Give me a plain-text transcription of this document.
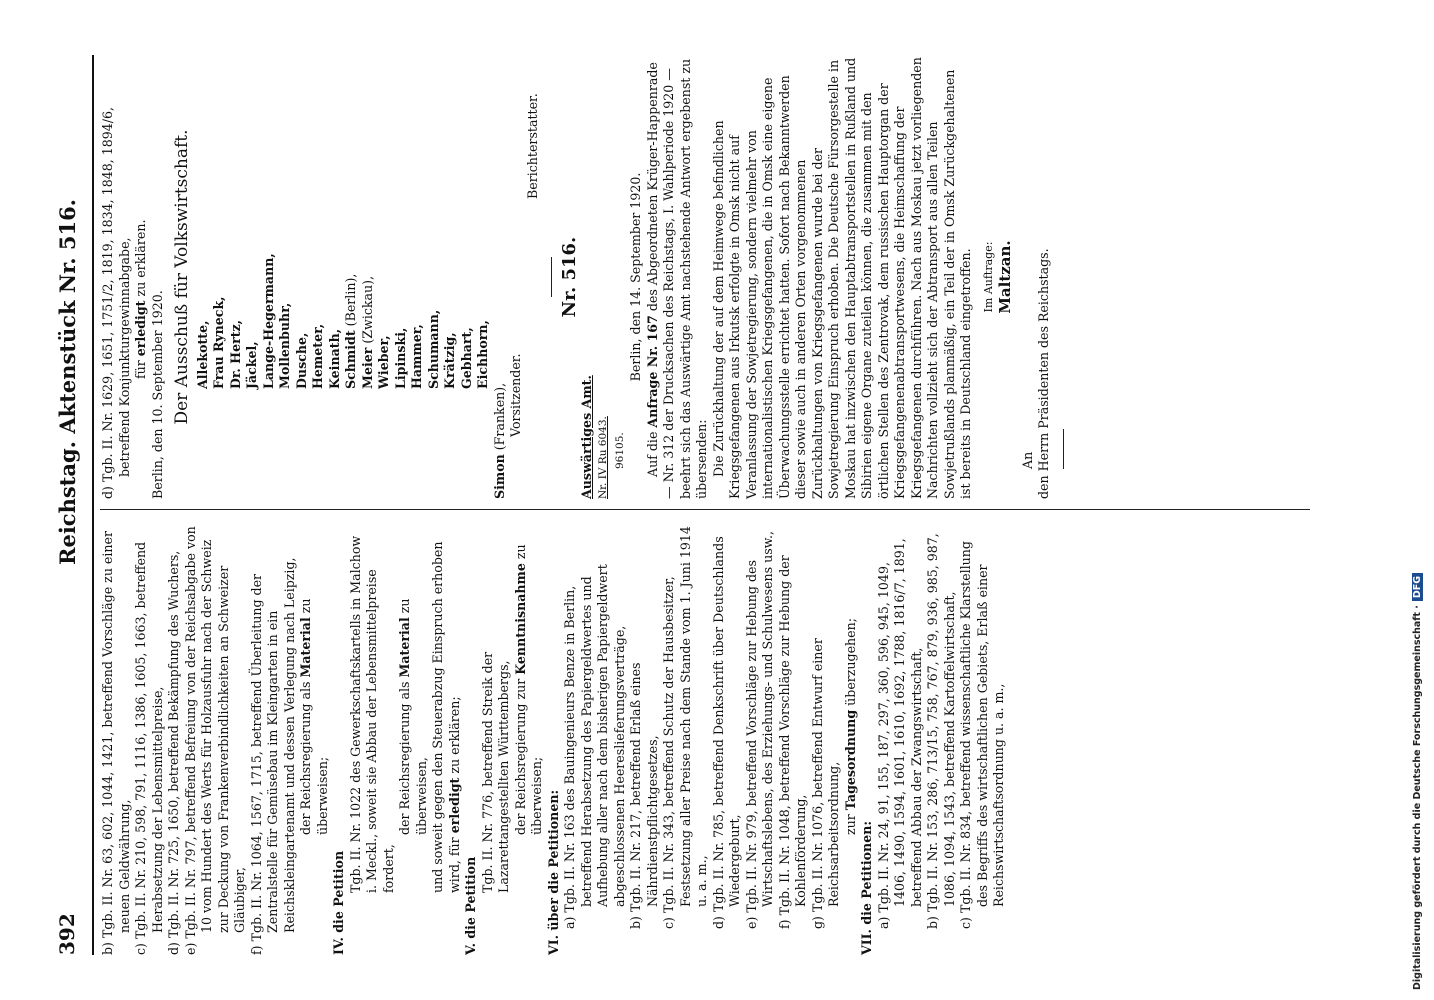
392
Reichstag. Aktenstück Nr. 516.

b) Tgb. II. Nr. 63, 602, 1044, 1421, betreffend Vorschläge zu einer neuen Geldwährung,

c) Tgb. II. Nr. 210, 598, 791, 1116, 1386, 1605, 1663, betreffend Herabsetzung der Lebensmittelpreise,

d) Tgb. II. Nr. 725, 1650, betreffend Bekämpfung des Wuchers,

e) Tgb. II. Nr. 797, betreffend Befreiung von der Reichsabgabe von 10 vom Hundert des Werts für Holzausfuhr nach der Schweiz zur Deckung von Frankenverbindlichkeiten an Schweizer Gläubiger,

f) Tgb. II. Nr. 1064, 1567, 1715, betreffend Überleitung der Zentralstelle für Gemüsebau im Kleingarten in ein Reichskleingartenamt und dessen Verlegung nach Leipzig, der Reichsregierung als Material zu überweisen;

IV. die Petition

Tgb. II. Nr. 1022 des Gewerkschaftskartells in Malchow i. Meckl., soweit sie Abbau der Lebensmittelpreise fordert,

der Reichsregierung als Material zu überweisen, und soweit gegen den Steuerabzug Einspruch erhoben wird, für erledigt zu erklären;

V. die Petition

Tgb. II. Nr. 776, betreffend Streik der Lazarettangestellten Württembergs, der Reichsregierung zur Kenntnisnahme zu überweisen; VI. über die Petitionen: a) Tgb. II. Nr. 163 des Bauingenieurs Benze in Berlin, betreffend Herabsetzung des Papiergeldwertes und Aufhebung aller nach dem bisherigen Papiergeldwert abgeschlossenen Heereslieferungsverträge,

b) Tgb. II. Nr. 217, betreffend Erlaß eines Nährdienstpflichtgesetzes,

c) Tgb. II. Nr. 343, betreffend Schutz der Hausbesitzer, Festsetzung aller Preise nach dem Stande vom 1. Juni 1914 u. a. m.,

d) Tgb. II. Nr. 785, betreffend Denkschrift über Deutschlands Wiedergeburt,

e) Tgb. II. Nr. 979, betreffend Vorschläge zur Hebung des Wirtschaftslebens, des Erziehungs- und Schulwesens usw.,

f) Tgb. II. Nr. 1048, betreffend Vorschläge zur Hebung der Kohlenförderung,

g) Tgb. II. Nr. 1076, betreffend Entwurf einer Reichsarbeitsordnung, zur Tagesordnung überzugehen;

VII. die Petitionen: a) Tgb. II. Nr. 24, 91, 155, 187, 297, 360, 596, 945, 1049, 1406, 1490, 1594, 1601, 1610, 1692, 1788, 1816/7, 1891, betreffend Abbau der Zwangswirtschaft,

b) Tgb. II. Nr. 153, 286, 713/15, 758, 767, 879, 936, 985, 987, 1086, 1094, 1543, betreffend Kartoffelwirtschaft,

c) Tgb. II. Nr. 834, betreffend wissenschaftliche Klarstellung des Begriffs des wirtschaftlichen Gebiets, Erlaß einer Reichswirtschaftsordnung u. a. m.,

d) Tgb. II. Nr. 1629, 1651, 1751/2, 1819, 1834, 1848, 1894/6, betreffend Konjunkturgewinnabgabe, für erledigt zu erklären.

Berlin, den 10. September 1920. Der Ausschuß für Volkswirtschaft. Allekotte, Frau Ryneck, Dr. Hertz, Jäckel, Lange-Hegermann, Mollenbuhr, Dusche, Hemeter, Keinath, Schmidt (Berlin),

Meier (Zwickau),

Wieber, Lipinski, Hammer, Schumann, Krätzig, Gebhart, Eichhorn,

Simon (Franken), Vorsitzender.

Berichterstatter.

Nr. 516.

Auswärtiges Amt. Nr. IV Ru 6043. 96105.

Berlin, den 14. September 1920.

Auf die Anfrage Nr. 167 des Abgeordneten Krüger-Happenrade — Nr. 312 der Drucksachen des Reichstags, I. Wahlperiode 1920 — beehrt sich das Auswärtige Amt nachstehende Antwort ergebenst zu übersenden: Die Zurückhaltung der auf dem Heimwege befindlichen Kriegsgefangenen aus Irkutsk erfolgte in Omsk nicht auf Veranlassung der Sowjetregierung, sondern vielmehr von internationalistischen Kriegsgefangenen, die in Omsk eine eigene Überwachungsstelle errichtet hatten. Sofort nach Bekanntwerden dieser sowie auch in anderen Orten vorgenommenen Zurückhaltungen von Kriegsgefangenen wurde bei der Sowjetregierung Einspruch erhoben. Die Deutsche Fürsorgestelle in Moskau hat inzwischen den Hauptabtransportstellen in Rußland und Sibirien eigene Organe zuteilen können, die zusammen mit den örtlichen Stellen des Zentrovak, dem russischen Hauptorgan der Kriegsgefangenenabtransportwesens, die Heimschaffung der Kriegsgefangenen durchführen. Nach aus Moskau jetzt vorliegenden Nachrichten vollzieht sich der Abtransport aus allen Teilen Sowjetrußlands planmäßig, ein Teil der in Omsk Zurückgehaltenen ist bereits in Deutschland eingetroffen. Im Auftrage: Maltzan.

An den Herrn Präsidenten des Reichstags.

Digitalisierung gefördert durch die Deutsche Forschungsgemeinschaft ·DFG
